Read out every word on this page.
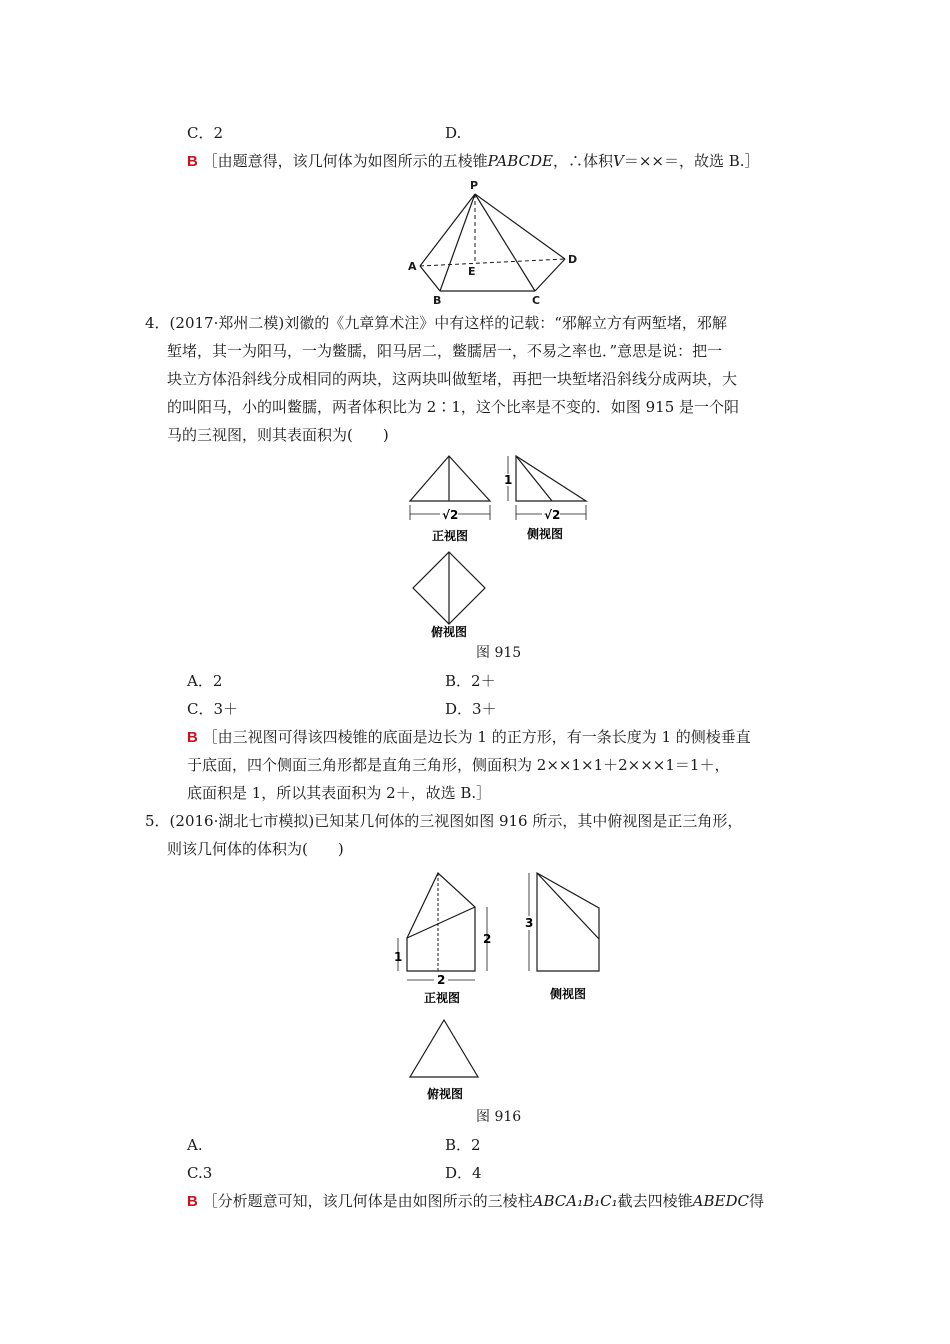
C．2	D.
B ［由题意得，该几何体为如图所示的五棱锥PABCDE，∴体积V＝××＝，故选 B.］
P
A
B	C
D
E
4．(2017·郑州二模)刘徽的《九章算术注》中有这样的记载：“邪解立方有两堑堵，邪解
堑堵，其一为阳马，一为鳖臑，阳马居二，鳖臑居一，不易之率也．”意思是说：把一
块立方体沿斜线分成相同的两块，这两块叫做堑堵，再把一块堑堵沿斜线分成两块，大
的叫阳马，小的叫鳖臑，两者体积比为 2∶1，这个比率是不变的．如图 915 是一个阳
马的三视图，则其表面积为(　　)
√2
正视图
1
√2
侧视图
俯视图
图 915
A．2	B．2＋
C．3＋	D．3＋
B ［由三视图可得该四棱锥的底面是边长为 1 的正方形，有一条长度为 1 的侧棱垂直
于底面，四个侧面三角形都是直角三角形，侧面积为 2××1×1＋2×××1＝1＋，
底面积是 1，所以其表面积为 2＋，故选 B.］
5．(2016·湖北七市模拟)已知某几何体的三视图如图 916 所示，其中俯视图是正三角形，
则该几何体的体积为(　　)
1
2
2
正视图
3
侧视图
俯视图
图 916
A.	B．2
C.3	D．4
B ［分析题意可知，该几何体是由如图所示的三棱柱ABCA₁B₁C₁截去四棱锥ABEDC得
